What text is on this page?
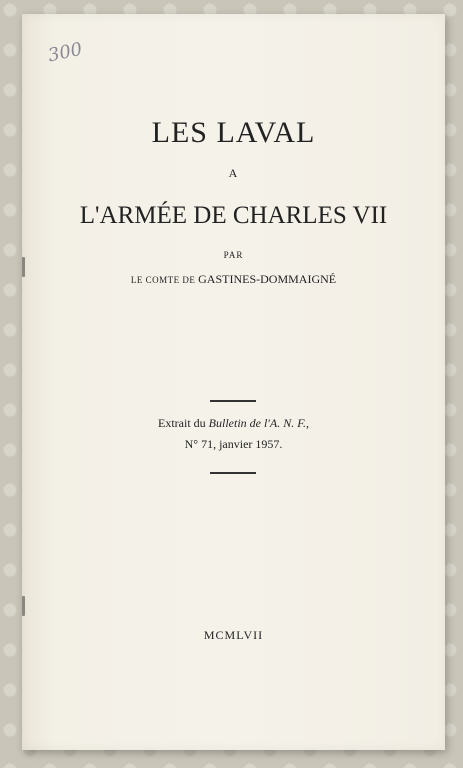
300
LES LAVAL
A
L'ARMÉE DE CHARLES VII
PAR
LE COMTE DE GASTINES-DOMMAIGNÉ
Extrait du Bulletin de l'A. N. F.,
N° 71, janvier 1957.
MCMLVII
